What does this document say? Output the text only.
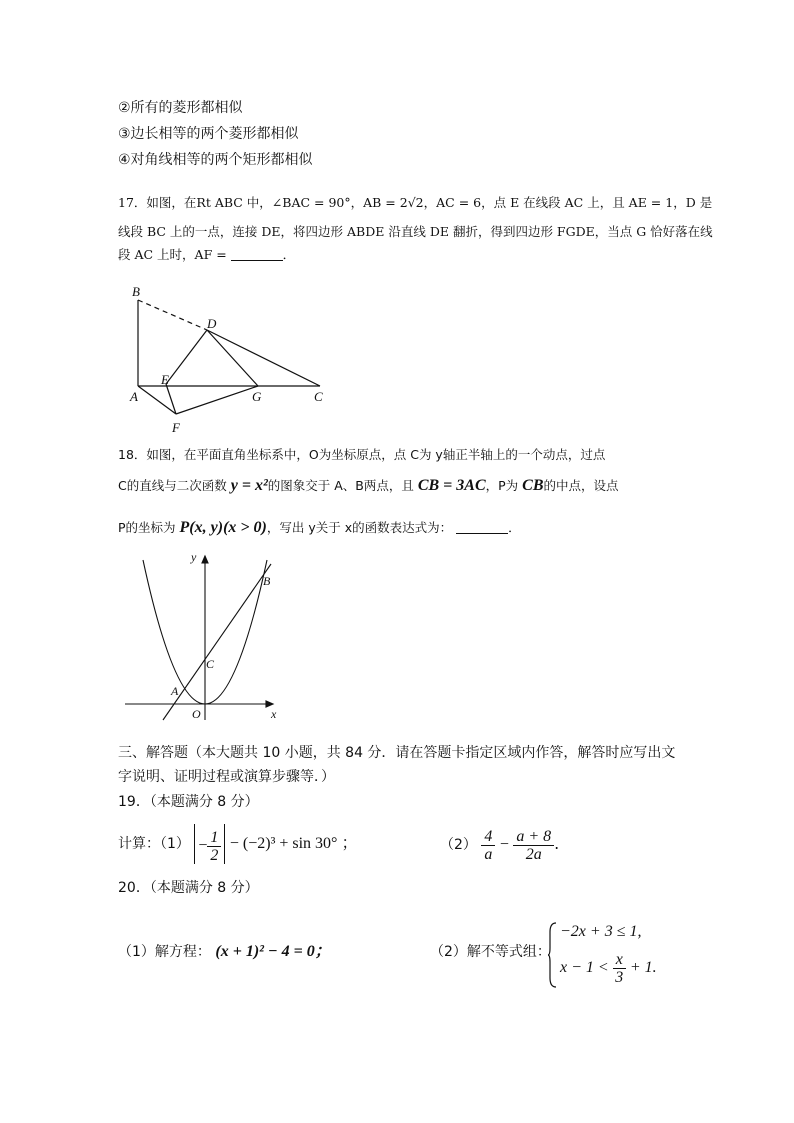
②所有的菱形都相似
③边长相等的两个菱形都相似
④对角线相等的两个矩形都相似
17．如图，在Rt ABC 中，∠BAC = 90°，AB = 2√2，AC = 6，点 E 在线段 AC 上，且 AE = 1，D 是
线段 BC 上的一点，连接 DE，将四边形 ABDE 沿直线 DE 翻折，得到四边形 FGDE，当点 G 恰好落在线
段 AC 上时，AF =	．
B
D
E
A	G	C
F
18．如图，在平面直角坐标系中，O为坐标原点，点 C为 y轴正半轴上的一个动点，过点
C的直线与二次函数 y = x²的图象交于 A、B两点，且 CB = 3AC，P为 CB的中点，设点
P的坐标为 P(x, y)(x > 0)，写出 y关于 x的函数表达式为：	．
y
x
O
A
B
C
三、解答题（本大题共 10 小题，共 84 分．请在答题卡指定区域内作答，解答时应写出文
字说明、证明过程或演算步骤等．）
19．（本题满分 8 分）
计算：$(1) - \frac{1}{2} - (-2)^3 + \sin 30^\circ$ ；	$(2) \frac{4}{a} - \frac{a + 8}{2a}$ .
20．（本题满分 8 分）
（1）解方程： (x + 1)² − 4 = 0；	（2）解不等式组：
−2x + 3 ≤ 1,
$x - 1 < \frac{x}{3} + 1$.
